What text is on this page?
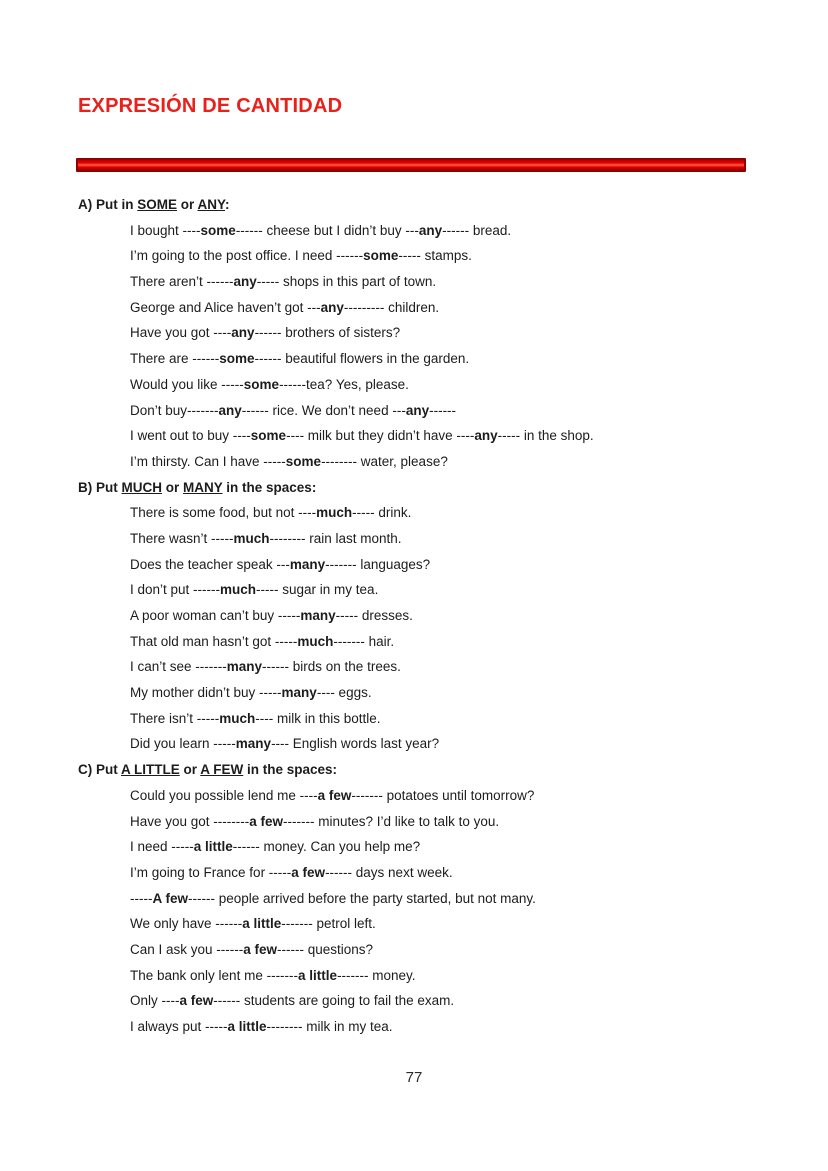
EXPRESIÓN DE CANTIDAD
A) Put in SOME or ANY:
I bought ----some------ cheese but I didn’t buy ---any------ bread.
I’m going to the post office. I need ------some----- stamps.
There aren’t ------any----- shops in this part of town.
George and Alice haven’t got ---any--------- children.
Have you got ----any------ brothers of sisters?
There are ------some------ beautiful flowers in the garden.
Would you like -----some------tea? Yes, please.
Don’t buy-------any------ rice. We don’t need ---any------
I went out to buy ----some---- milk but they didn’t have ----any----- in the shop.
I’m thirsty. Can I have -----some-------- water, please?
B) Put MUCH or MANY in the spaces:
There is some food, but not ----much----- drink.
There wasn’t -----much-------- rain last month.
Does the teacher speak ---many------- languages?
I don’t put ------much----- sugar in my tea.
A poor woman can’t buy -----many----- dresses.
That old man hasn’t got -----much------- hair.
I can’t see -------many------ birds on the trees.
My mother didn’t buy -----many---- eggs.
There isn’t -----much---- milk in this bottle.
Did you learn -----many---- English words last year?
C) Put A LITTLE or A FEW in the spaces:
Could you possible lend me ----a few------- potatoes until tomorrow?
Have you got --------a few------- minutes? I’d like to talk to you.
I need -----a little------ money. Can you help me?
I’m going to France for -----a few------ days next week.
-----A few------ people arrived before the party started, but not many.
We only have ------a little------- petrol left.
Can I ask you ------a few------ questions?
The bank only lent me -------a little------- money.
Only ----a few------ students are going to fail the exam.
I always put -----a little-------- milk in my tea.
77
